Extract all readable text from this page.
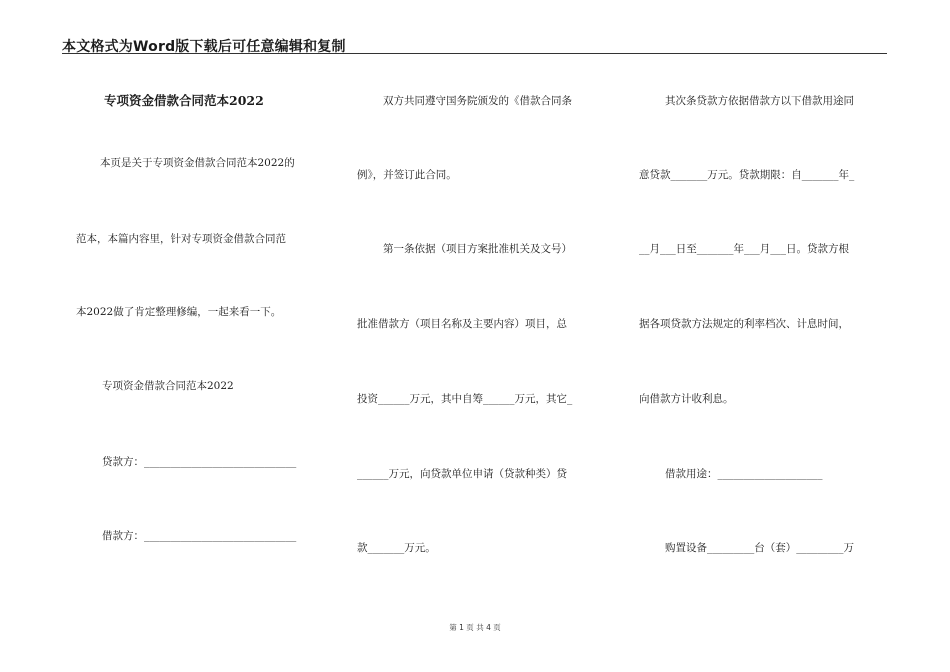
本文格式为Word版下载后可任意编辑和复制
专项资金借款合同范本2022
本页是关于专项资金借款合同范本2022的
范本，本篇内容里，针对专项资金借款合同范
本2022做了肯定整理修编，一起来看一下。
专项资金借款合同范本2022
贷款方：_____________________________
借款方：_____________________________
双方共同遵守国务院颁发的《借款合同条
例》，并签订此合同。
第一条依据（项目方案批准机关及文号）
批准借款方（项目名称及主要内容）项目，总
投资______万元，其中自筹______万元，其它_
______万元，向贷款单位申请（贷款种类）贷
款_______万元。
其次条贷款方依据借款方以下借款用途同
意贷款_______万元。贷款期限：自_______年_
__月___日至_______年___月___日。贷款方根
据各项贷款方法规定的利率档次、计息时间，
向借款方计收利息。
借款用途：____________________
购置设备_________台（套）_________万
第 1 页 共 4 页
